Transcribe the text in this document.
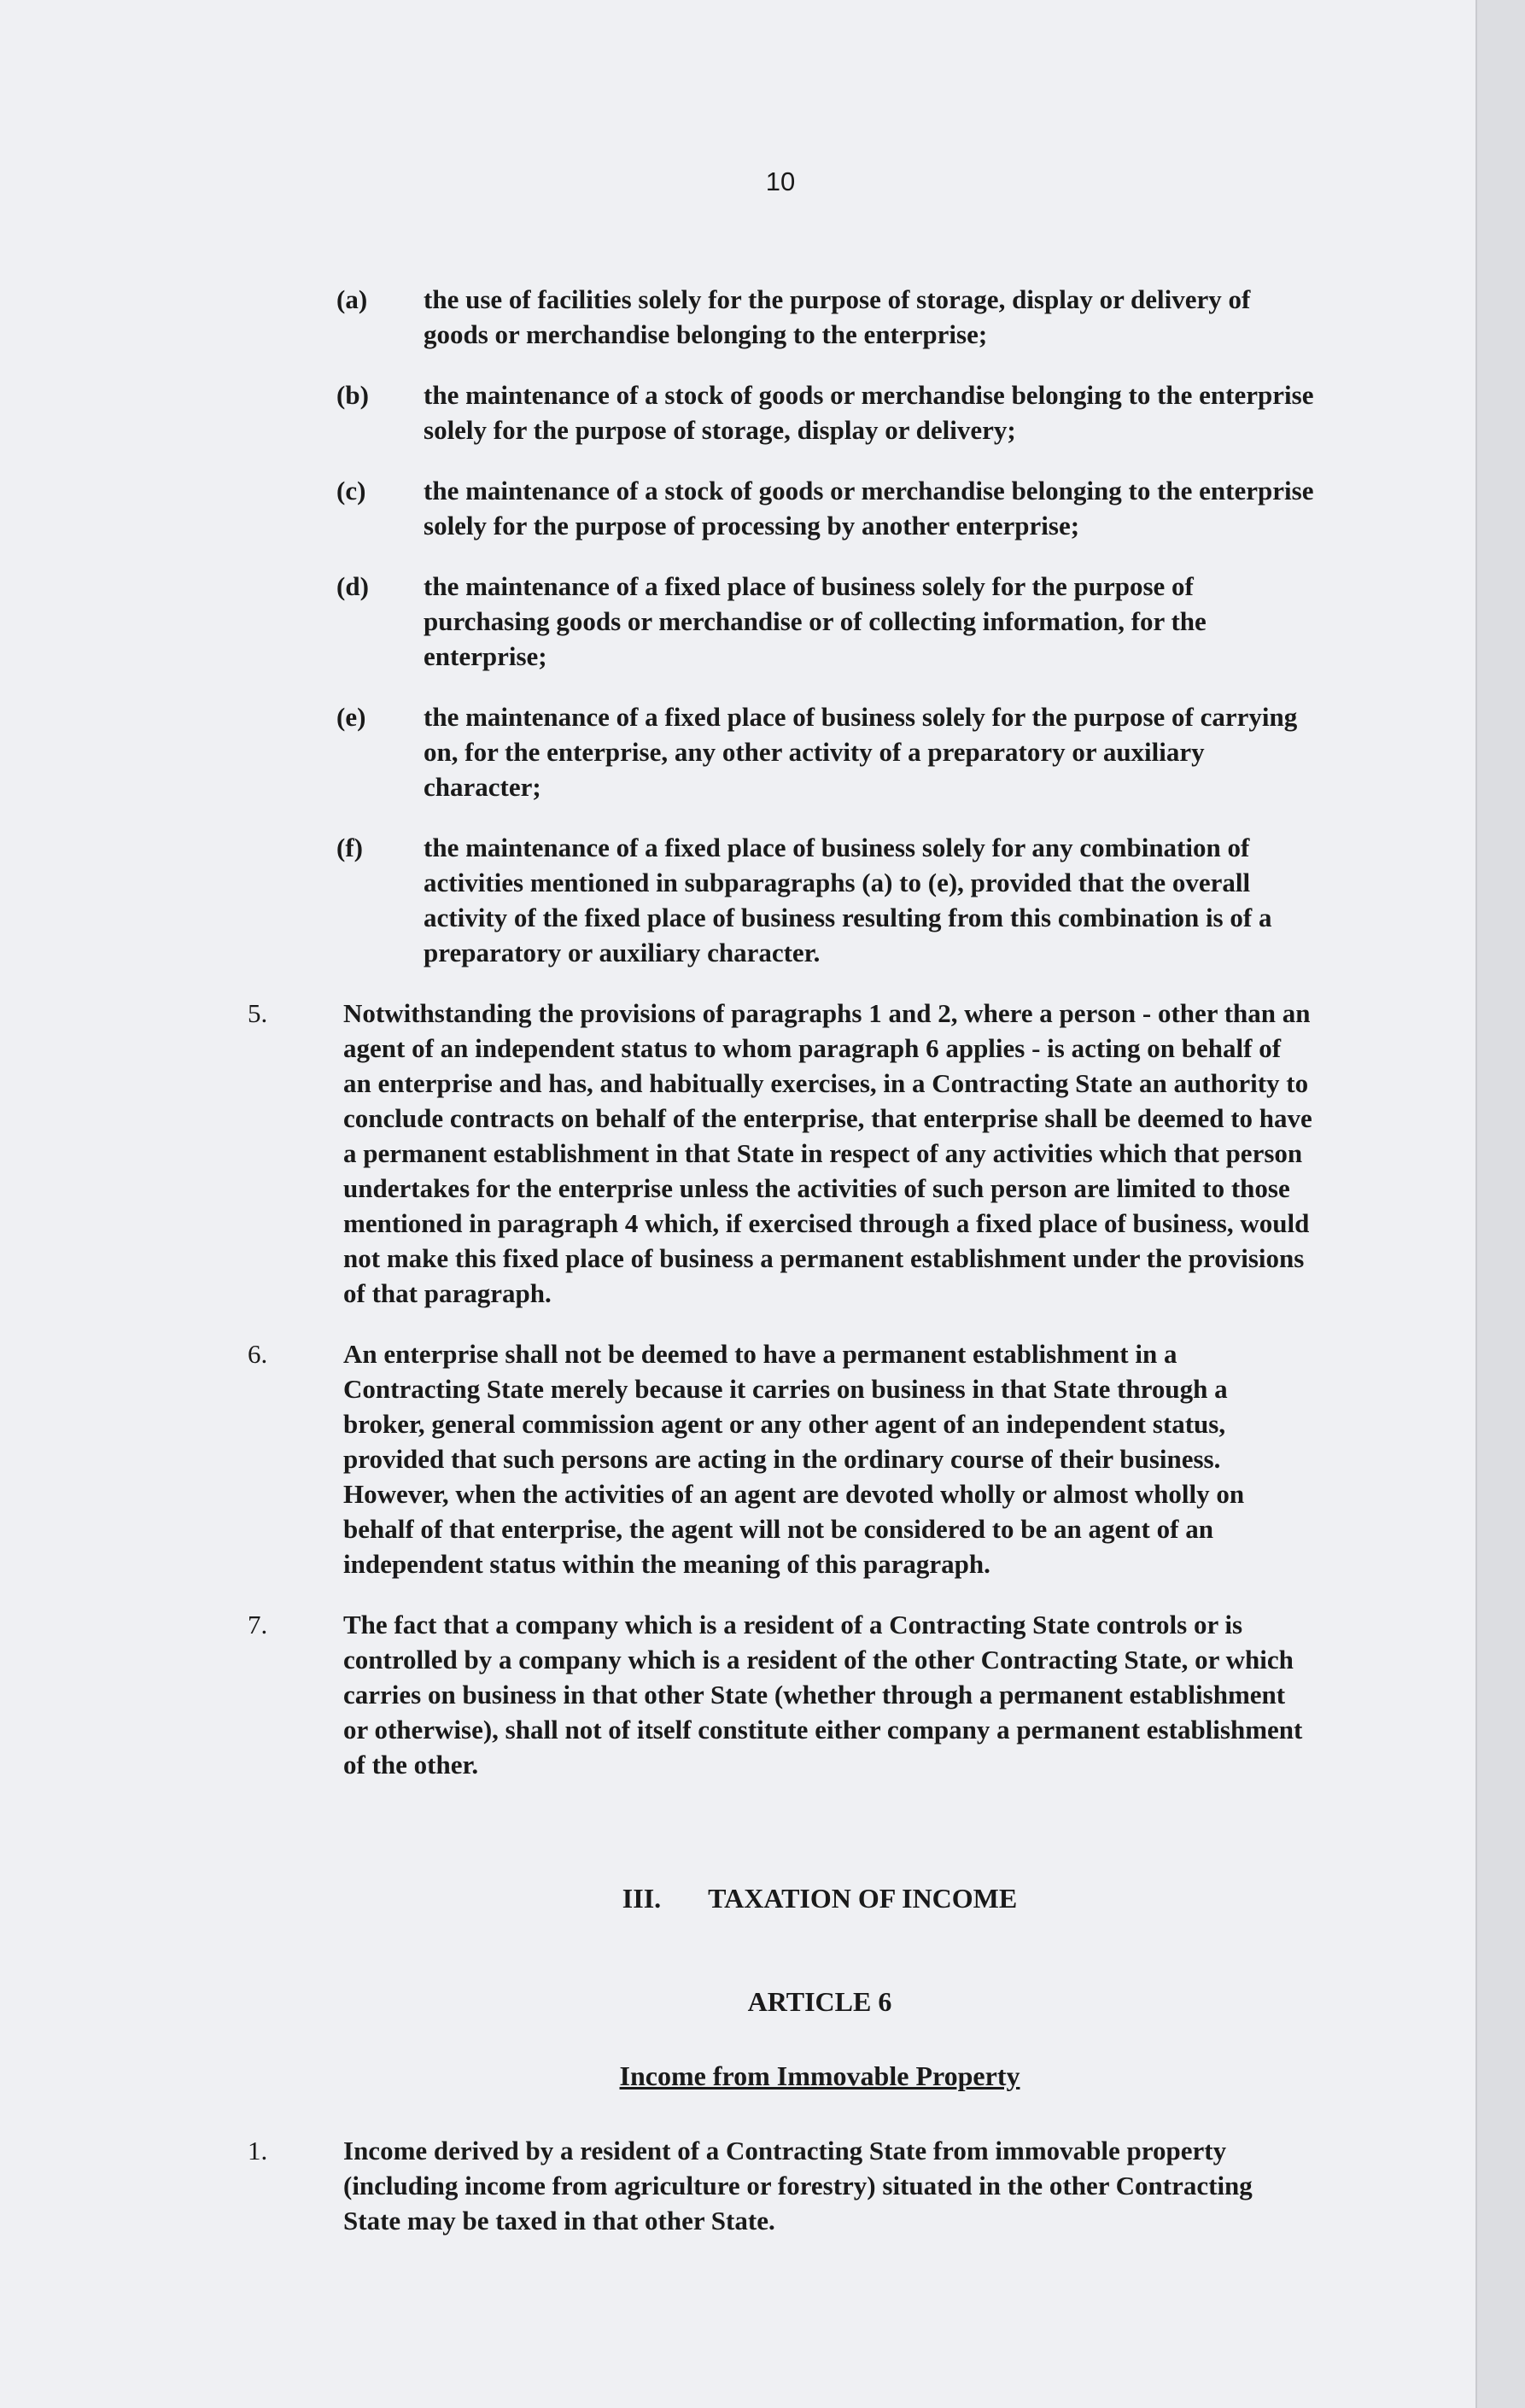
10
(a)	the use of facilities solely for the purpose of storage, display or delivery of goods or merchandise belonging to the enterprise;
(b)	the maintenance of a stock of goods or merchandise belonging to the enterprise solely for the purpose of storage, display or delivery;
(c)	the maintenance of a stock of goods or merchandise belonging to the enterprise solely for the purpose of processing by another enterprise;
(d)	the maintenance of a fixed place of business solely for the purpose of purchasing goods or merchandise or of collecting information, for the enterprise;
(e)	the maintenance of a fixed place of business solely for the purpose of carrying on, for the enterprise, any other activity of a preparatory or auxiliary character;
(f)	the maintenance of a fixed place of business solely for any combination of activities mentioned in subparagraphs (a) to (e), provided that the overall activity of the fixed place of business resulting from this combination is of a preparatory or auxiliary character.
5.	Notwithstanding the provisions of paragraphs 1 and 2, where a person - other than an agent of an independent status to whom paragraph 6 applies - is acting on behalf of an enterprise and has, and habitually exercises, in a Contracting State an authority to conclude contracts on behalf of the enterprise, that enterprise shall be deemed to have a permanent establishment in that State in respect of any activities which that person undertakes for the enterprise unless the activities of such person are limited to those mentioned in paragraph 4 which, if exercised through a fixed place of business, would not make this fixed place of business a permanent establishment under the provisions of that paragraph.
6.	An enterprise shall not be deemed to have a permanent establishment in a Contracting State merely because it carries on business in that State through a broker, general commission agent or any other agent of an independent status, provided that such persons are acting in the ordinary course of their business. However, when the activities of an agent are devoted wholly or almost wholly on behalf of that enterprise, the agent will not be considered to be an agent of an independent status within the meaning of this paragraph.
7.	The fact that a company which is a resident of a Contracting State controls or is controlled by a company which is a resident of the other Contracting State, or which carries on business in that other State (whether through a permanent establishment or otherwise), shall not of itself constitute either company a permanent establishment of the other.
III. TAXATION OF INCOME
ARTICLE 6
Income from Immovable Property
1.	Income derived by a resident of a Contracting State from immovable property (including income from agriculture or forestry) situated in the other Contracting State may be taxed in that other State.
